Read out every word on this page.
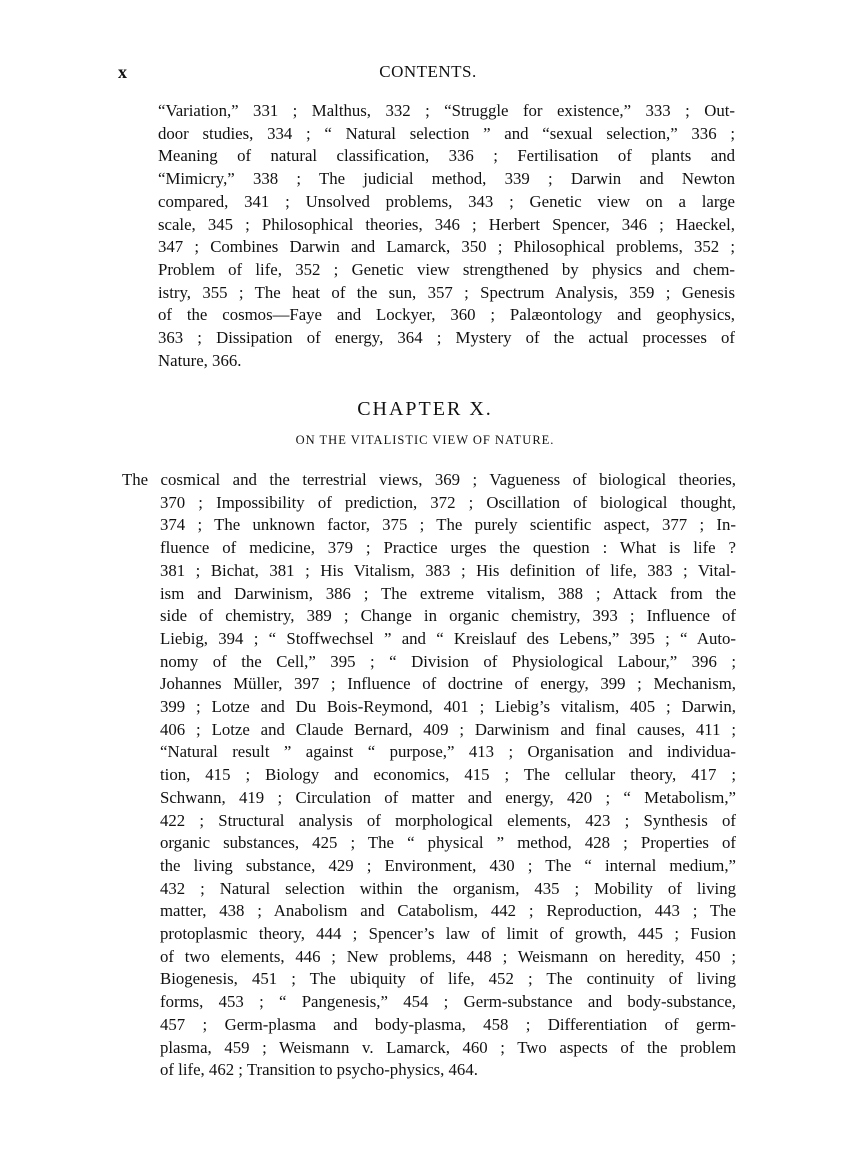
x	CONTENTS.
“Variation,” 331 ; Malthus, 332 ; “Struggle for existence,” 333 ; Out-
door studies, 334 ; “ Natural selection ” and “sexual selection,” 336 ;
Meaning of natural classification, 336 ; Fertilisation of plants and
“Mimicry,” 338 ; The judicial method, 339 ; Darwin and Newton
compared, 341 ; Unsolved problems, 343 ; Genetic view on a large
scale, 345 ; Philosophical theories, 346 ; Herbert Spencer, 346 ; Haeckel,
347 ; Combines Darwin and Lamarck, 350 ; Philosophical problems, 352 ;
Problem of life, 352 ; Genetic view strengthened by physics and chem-
istry, 355 ; The heat of the sun, 357 ; Spectrum Analysis, 359 ; Genesis
of the cosmos—Faye and Lockyer, 360 ; Palæontology and geophysics,
363 ; Dissipation of energy, 364 ; Mystery of the actual processes of
Nature, 366.
CHAPTER X.
ON THE VITALISTIC VIEW OF NATURE.
The cosmical and the terrestrial views, 369 ; Vagueness of biological theories,
370 ; Impossibility of prediction, 372 ; Oscillation of biological thought,
374 ; The unknown factor, 375 ; The purely scientific aspect, 377 ; In-
fluence of medicine, 379 ; Practice urges the question : What is life ?
381 ; Bichat, 381 ; His Vitalism, 383 ; His definition of life, 383 ; Vital-
ism and Darwinism, 386 ; The extreme vitalism, 388 ; Attack from the
side of chemistry, 389 ; Change in organic chemistry, 393 ; Influence of
Liebig, 394 ; “ Stoffwechsel ” and “ Kreislauf des Lebens,” 395 ; “ Auto-
nomy of the Cell,” 395 ; “ Division of Physiological Labour,” 396 ;
Johannes Müller, 397 ; Influence of doctrine of energy, 399 ; Mechanism,
399 ; Lotze and Du Bois-Reymond, 401 ; Liebig’s vitalism, 405 ; Darwin,
406 ; Lotze and Claude Bernard, 409 ; Darwinism and final causes, 411 ;
“Natural result ” against “ purpose,” 413 ; Organisation and individua-
tion, 415 ; Biology and economics, 415 ; The cellular theory, 417 ;
Schwann, 419 ; Circulation of matter and energy, 420 ; “ Metabolism,”
422 ; Structural analysis of morphological elements, 423 ; Synthesis of
organic substances, 425 ; The “ physical ” method, 428 ; Properties of
the living substance, 429 ; Environment, 430 ; The “ internal medium,”
432 ; Natural selection within the organism, 435 ; Mobility of living
matter, 438 ; Anabolism and Catabolism, 442 ; Reproduction, 443 ; The
protoplasmic theory, 444 ; Spencer’s law of limit of growth, 445 ; Fusion
of two elements, 446 ; New problems, 448 ; Weismann on heredity, 450 ;
Biogenesis, 451 ; The ubiquity of life, 452 ; The continuity of living
forms, 453 ; “ Pangenesis,” 454 ; Germ-substance and body-substance,
457 ; Germ-plasma and body-plasma, 458 ; Differentiation of germ-
plasma, 459 ; Weismann v. Lamarck, 460 ; Two aspects of the problem
of life, 462 ; Transition to psycho-physics, 464.
